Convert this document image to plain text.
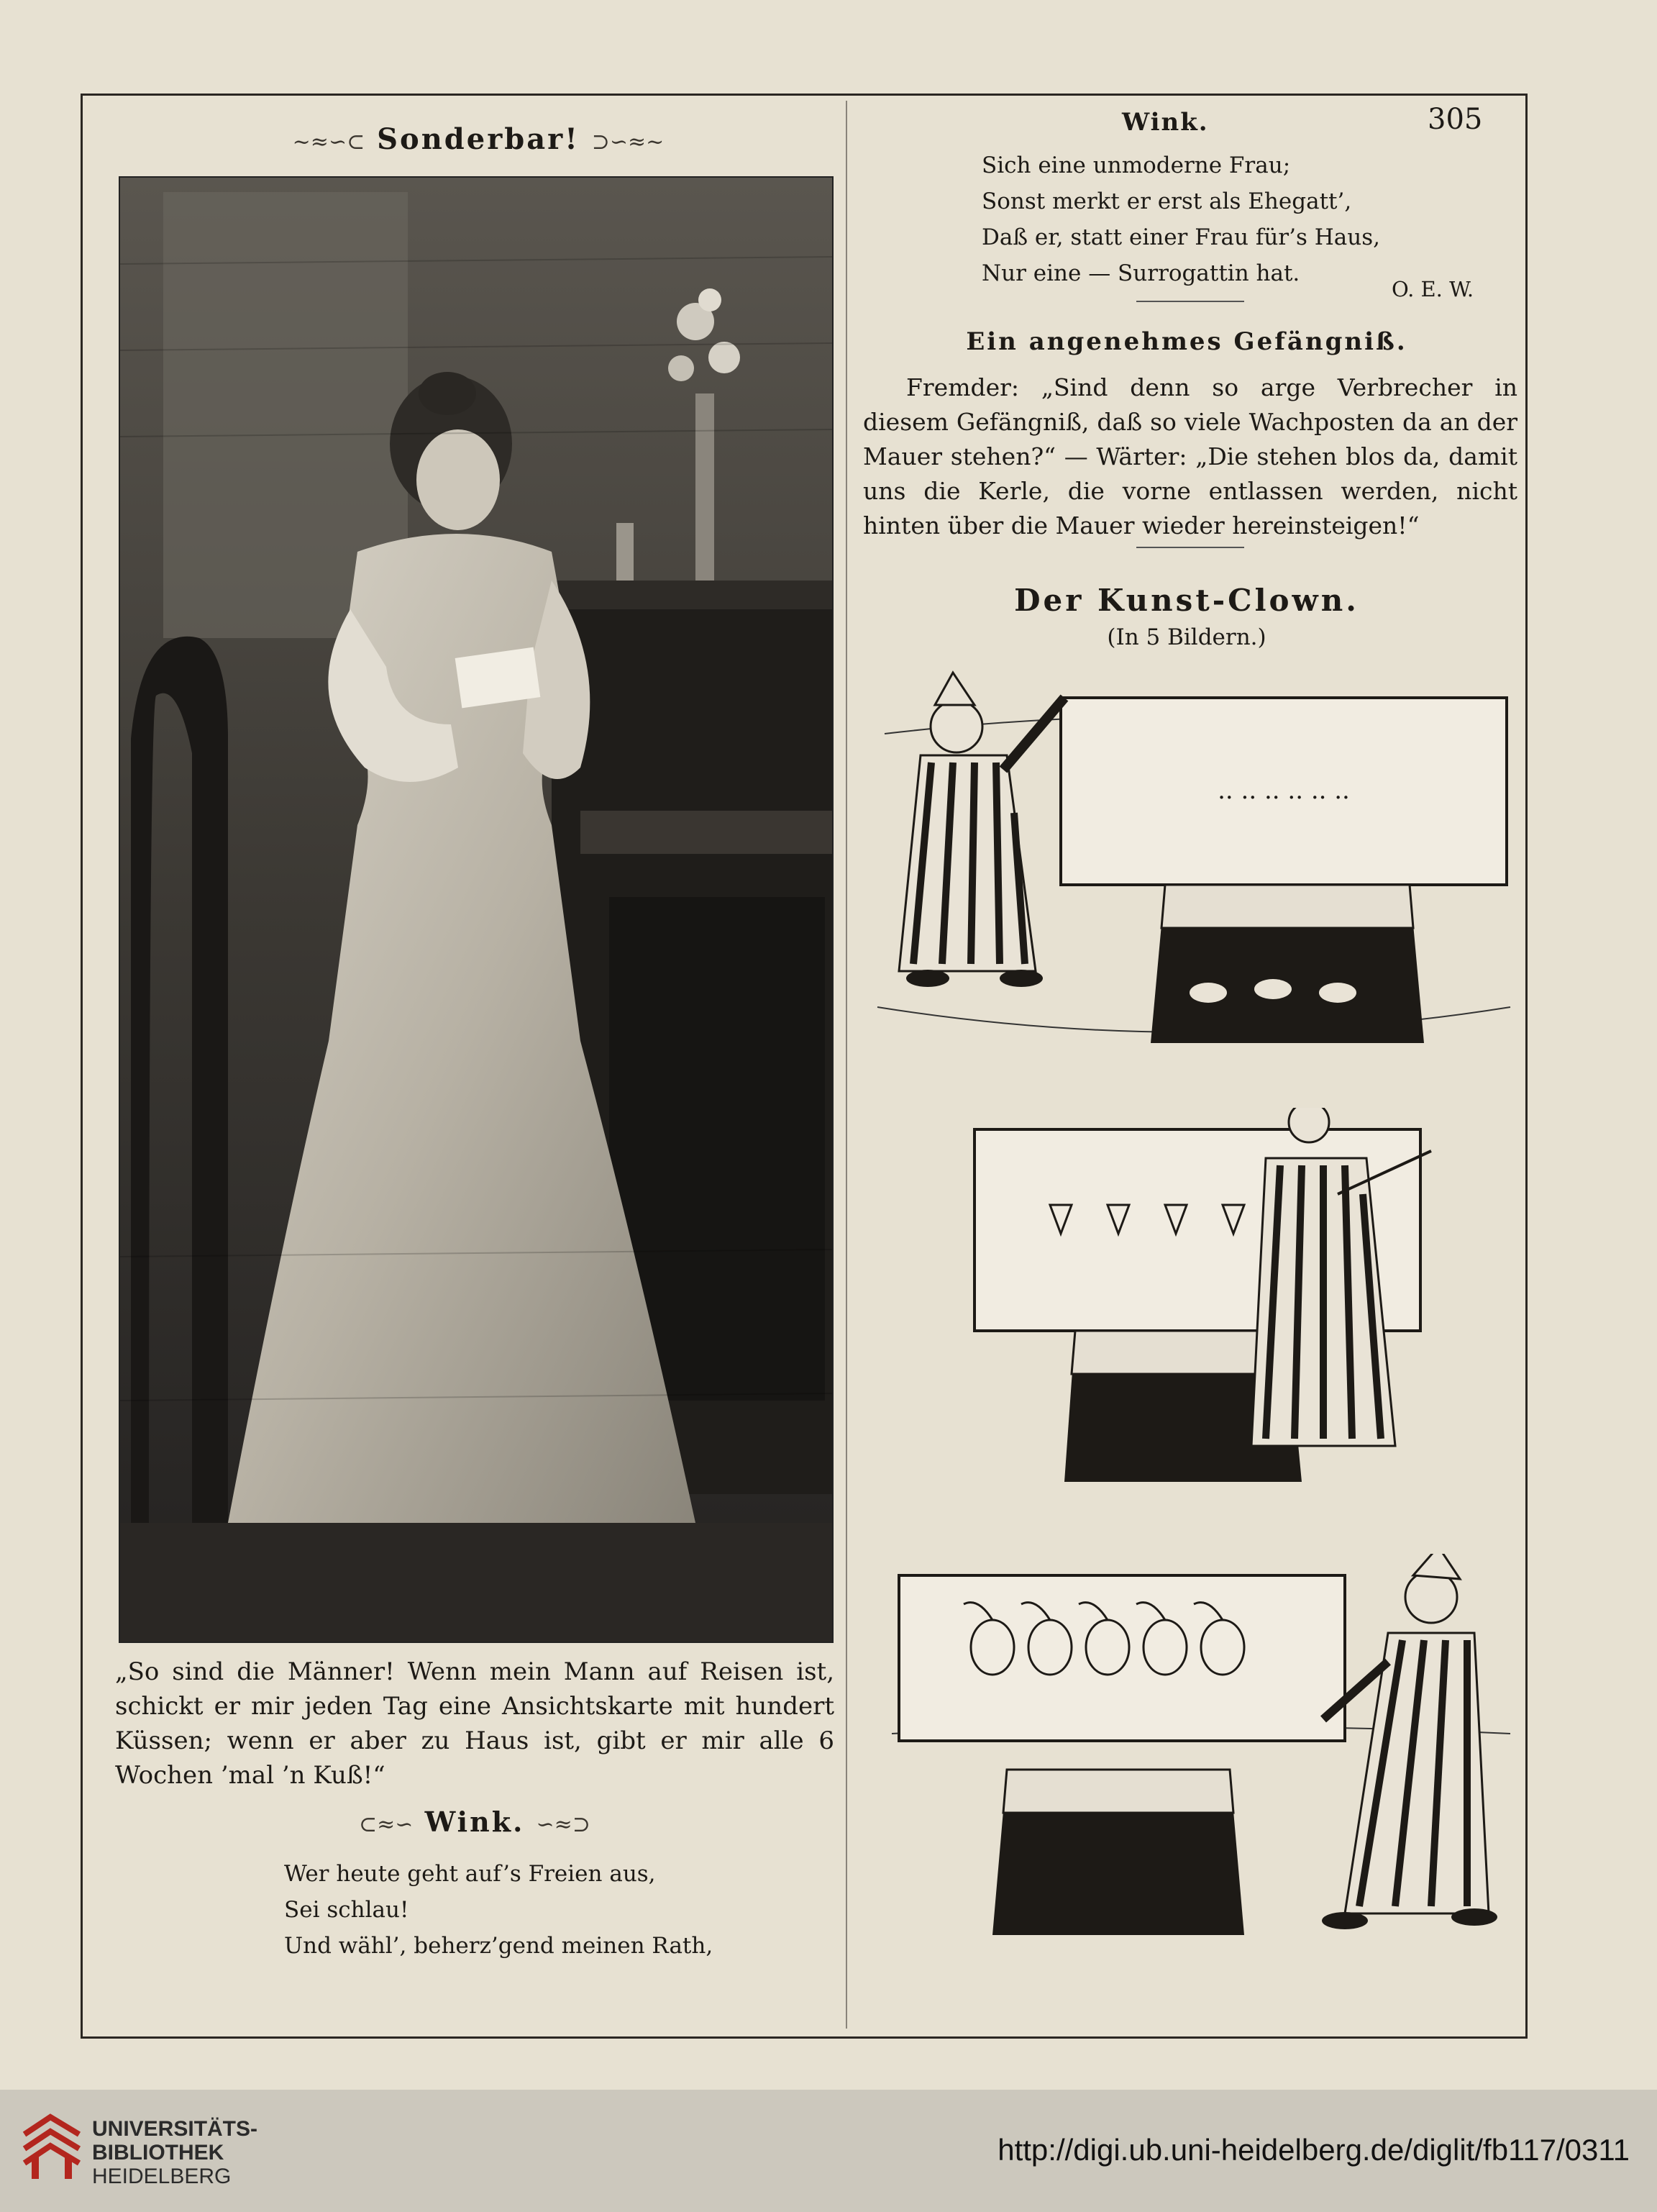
~≈∽⊂ Sonderbar! ⊃∽≈~

„So sind die Männer! Wenn mein Mann auf Reisen ist, schickt er mir jeden Tag eine Ansichtskarte mit hundert Küssen; wenn er aber zu Haus ist, gibt er mir alle 6 Wochen ’mal ’n Kuß!“

⊂≈∽ Wink. ∽≈⊃
Wer heute geht auf’s Freien aus,
Sei schlau!
Und wähl’, beherz’gend meinen Rath,
Wink.	305
Sich eine unmoderne Frau;
Sonst merkt er erst als Ehegatt’,
Daß er, statt einer Frau für’s Haus,
Nur eine — Surrogattin hat.
O. E. W.
Ein angenehmes Gefängniß.

Fremder: „Sind denn so arge Verbrecher in diesem Gefängniß, daß so viele Wachposten da an der Mauer stehen?“ — Wärter: „Die stehen blos da, damit uns die Kerle, die vorne entlassen werden, nicht hinten über die Mauer wieder hereinsteigen!“

Der Kunst-Clown.
(In 5 Bildern.)
.. .. .. .. .. ..
UNIVERSITÄTS-
BIBLIOTHEK
HEIDELBERG
http://digi.ub.uni-heidelberg.de/diglit/fb117/0311
